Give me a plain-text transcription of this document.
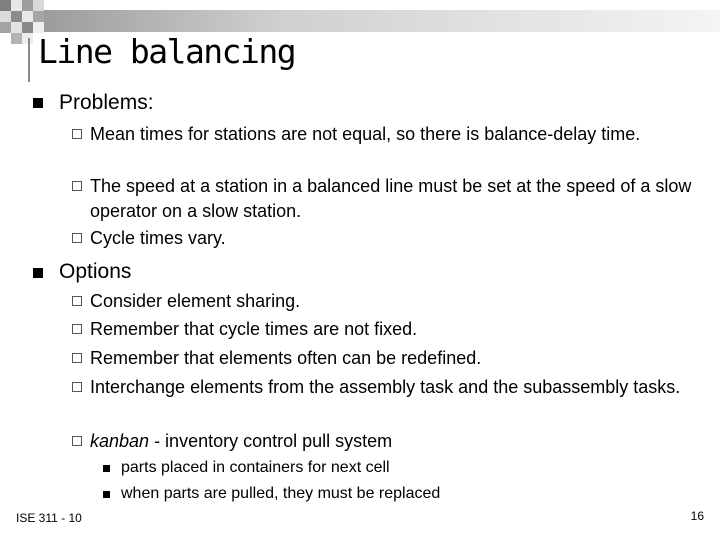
Line balancing
Problems:
Mean times for stations are not equal, so there is balance-delay time.
The speed at a station in a balanced line must be set at the speed of a slow operator on a slow station.
Cycle times vary.
Options
Consider element sharing.
Remember that cycle times are not fixed.
Remember that elements often can be redefined.
Interchange elements from the assembly task and the subassembly tasks.
kanban - inventory control pull system
parts placed in containers for next cell
when parts are pulled, they must be replaced
ISE 311 - 10	16
